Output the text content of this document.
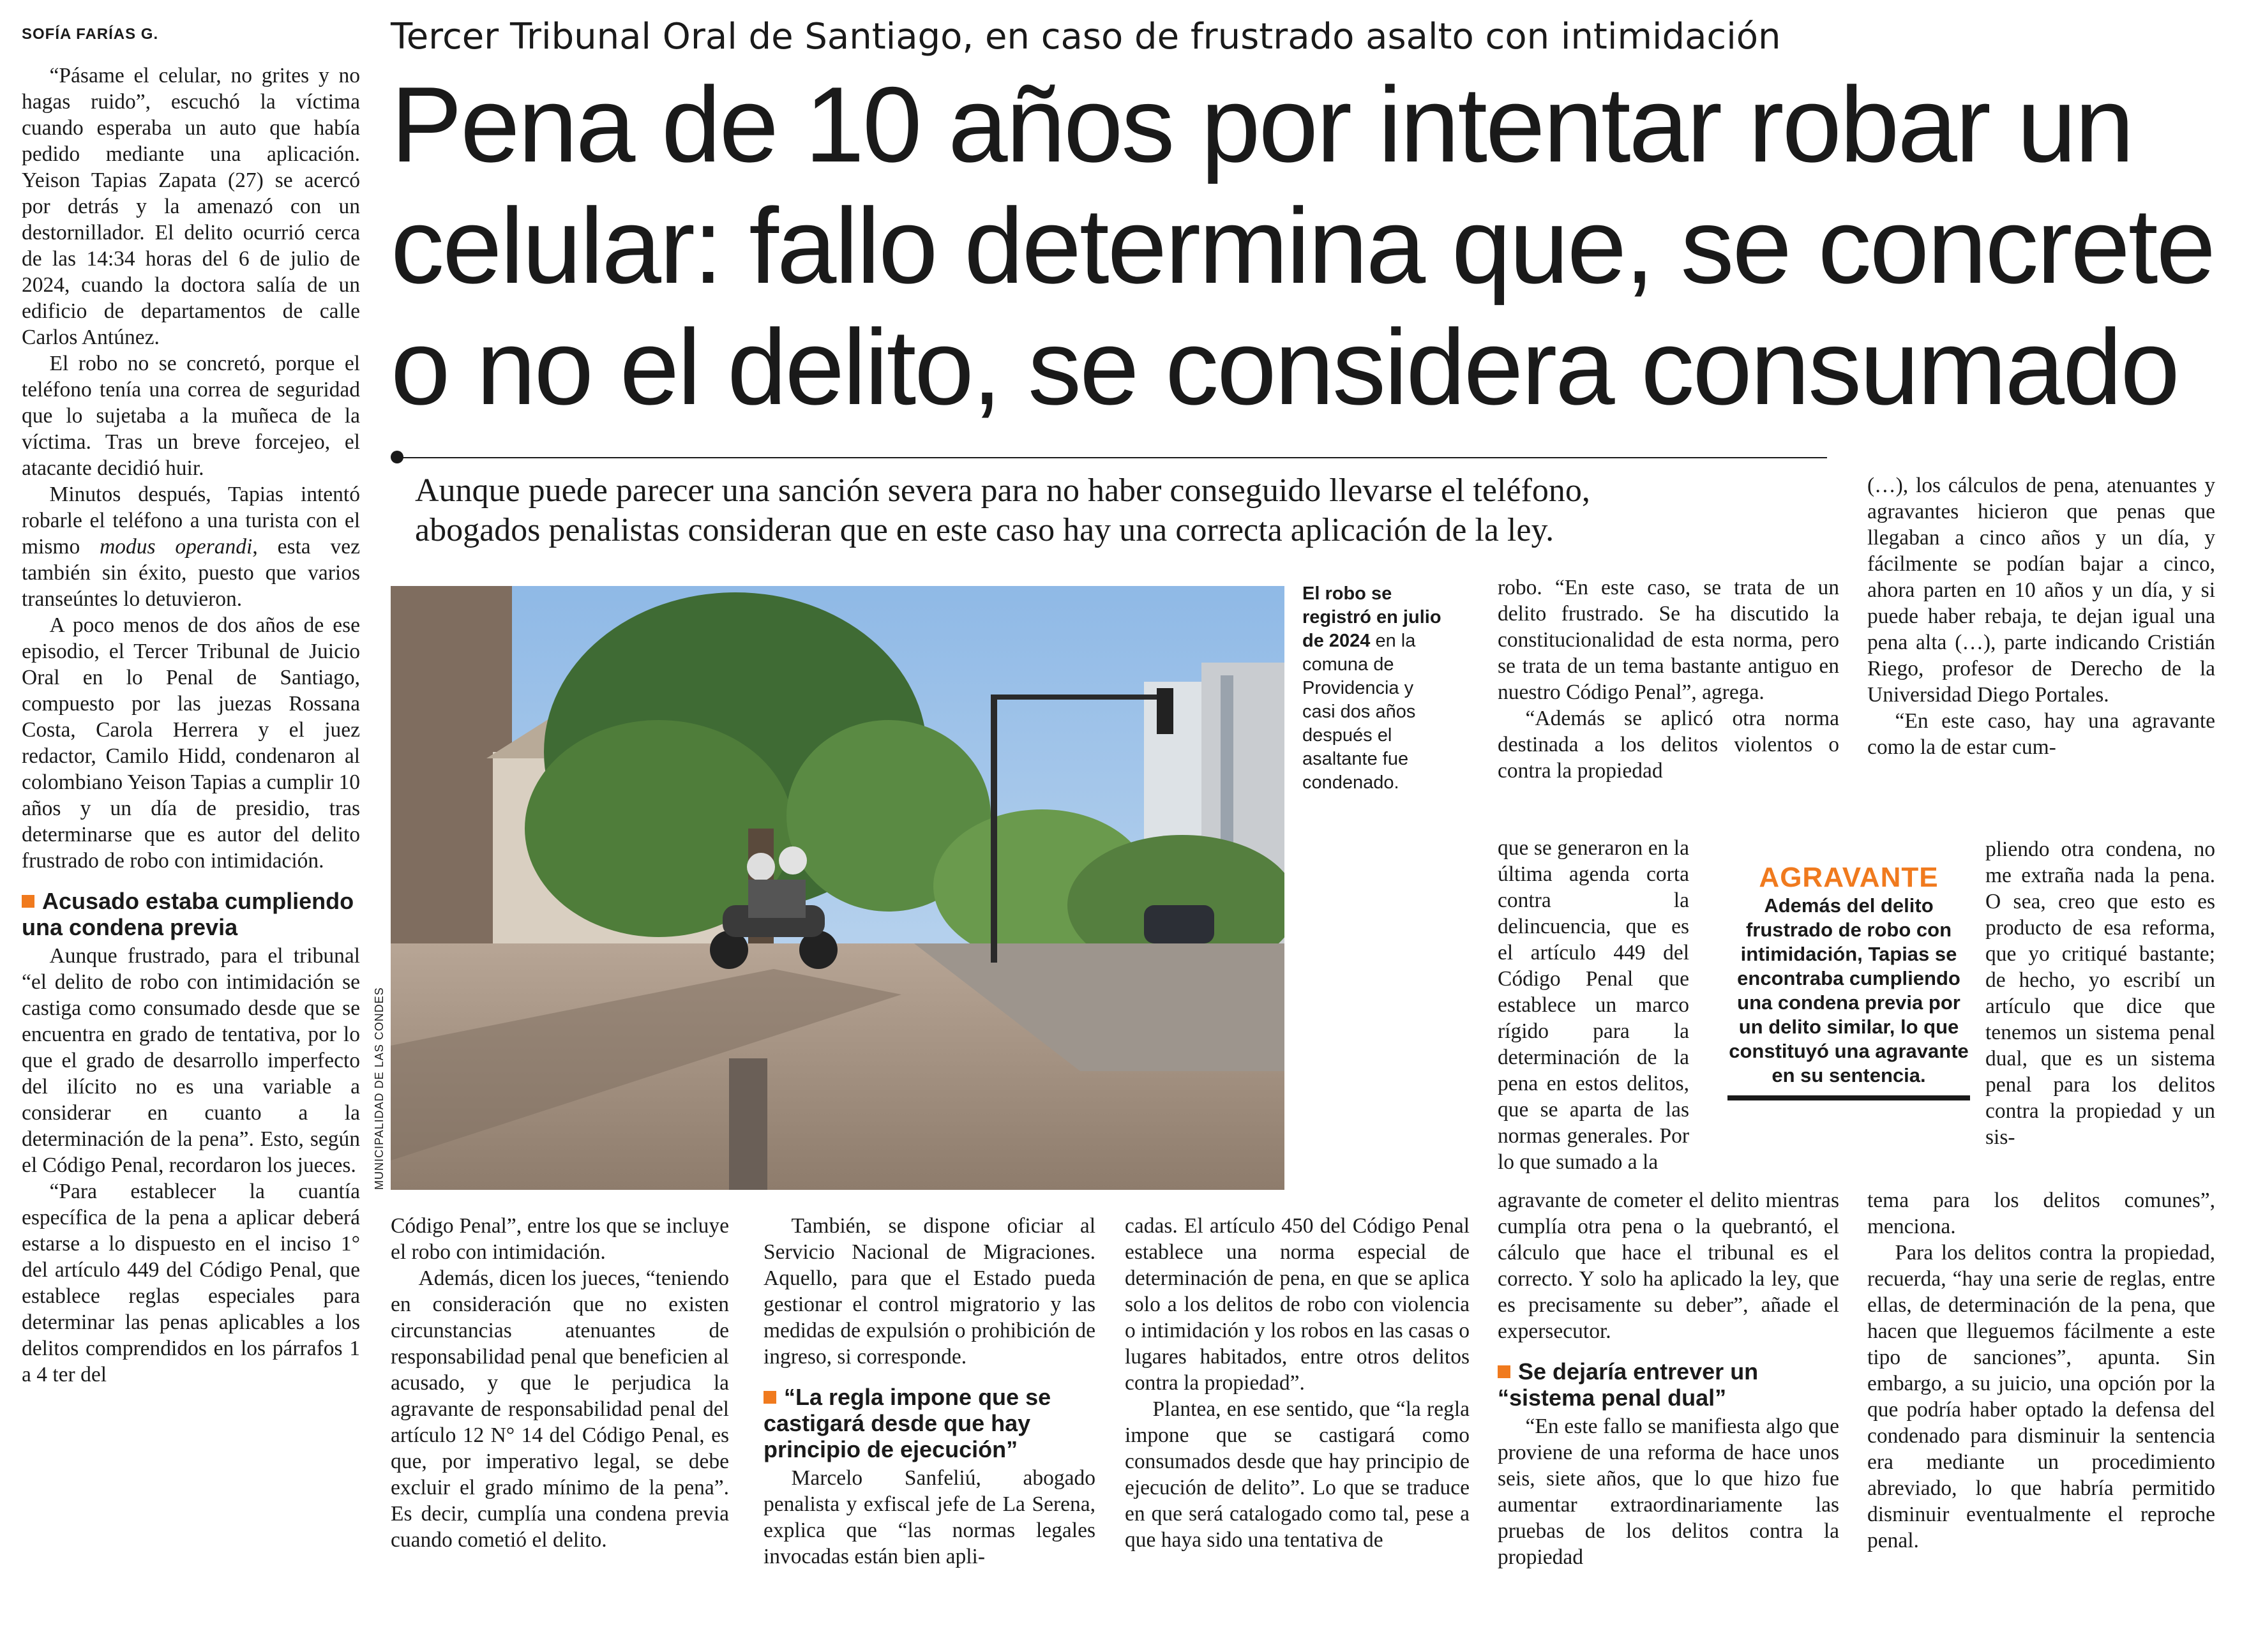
SOFÍA FARÍAS G.	Tercer Tribunal Oral de Santiago, en caso de frustrado asalto con intimidación
Pena de 10 años por intentar robar un
celular: fallo determina que, se concrete
o no el delito, se considera consumado
Aunque puede parecer una sanción severa para no haber conseguido llevarse el teléfono,
abogados penalistas consideran que en este caso hay una correcta aplicación de la ley.
MUNICIPALIDAD DE LAS CONDES
El robo se registró en julio de 2024 en la comuna de Providencia y casi dos años después el asaltante fue condenado.

“Pásame el celular, no grites y no hagas ruido”, escuchó la víctima cuando esperaba un auto que había pedido mediante una aplicación. Yeison Tapias Zapata (27) se acercó por detrás y la amenazó con un destornillador. El delito ocurrió cerca de las 14:34 horas del 6 de julio de 2024, cuando la doctora salía de un edificio de departamentos de calle Carlos Antúnez.

El robo no se concretó, porque el teléfono tenía una correa de seguridad que lo sujetaba a la muñeca de la víctima. Tras un breve forcejeo, el atacante decidió huir.

Minutos después, Tapias intentó robarle el teléfono a una turista con el mismo modus operandi, esta vez también sin éxito, puesto que varios transeúntes lo detuvieron.

A poco menos de dos años de ese episodio, el Tercer Tribunal de Juicio Oral en lo Penal de Santiago, compuesto por las juezas Rossana Costa, Carola Herrera y el juez redactor, Camilo Hidd, condenaron al colombiano Yeison Tapias a cumplir 10 años y un día de presidio, tras determinarse que es autor del delito frustrado de robo con intimidación.

Acusado estaba cumpliendo una condena previa

Aunque frustrado, para el tribunal “el delito de robo con intimidación se castiga como consumado desde que se encuentra en grado de tentativa, por lo que el grado de desarrollo imperfecto del ilícito no es una variable a considerar en cuanto a la determinación de la pena”. Esto, según el Código Penal, recordaron los jueces.

“Para establecer la cuantía específica de la pena a aplicar deberá estarse a lo dispuesto en el inciso 1° del artículo 449 del Código Penal, que establece reglas especiales para determinar las penas aplicables a los delitos comprendidos en los párrafos 1 a 4 ter del

Código Penal”, entre los que se incluye el robo con intimidación.

Además, dicen los jueces, “teniendo en consideración que no existen circunstancias atenuantes de responsabilidad penal que beneficien al acusado, y que le perjudica la agravante de responsabilidad penal del artículo 12 N° 14 del Código Penal, es que, por imperativo legal, se debe excluir el grado mínimo de la pena”. Es decir, cumplía una condena previa cuando cometió el delito.

También, se dispone oficiar al Servicio Nacional de Migraciones. Aquello, para que el Estado pueda gestionar el control migratorio y las medidas de expulsión o prohibición de ingreso, si corresponde.

“La regla impone que se castigará desde que hay principio de ejecución”

Marcelo Sanfeliú, abogado penalista y exfiscal jefe de La Serena, explica que “las normas legales invocadas están bien apli-

cadas. El artículo 450 del Código Penal establece una norma especial de determinación de pena, en que se aplica solo a los delitos de robo con violencia o intimidación y los robos en las casas o lugares habitados, entre otros delitos contra la propiedad”.

Plantea, en ese sentido, que “la regla impone que se castigará como consumados desde que hay principio de ejecución de delito”. Lo que se traduce en que será catalogado como tal, pese a que haya sido una tentativa de

robo. “En este caso, se trata de un delito frustrado. Se ha discutido la constitucionalidad de esta norma, pero se trata de un tema bastante antiguo en nuestro Código Penal”, agrega.

“Además se aplicó otra norma destinada a los delitos violentos o contra la propiedad

que se generaron en la última agenda corta contra la delincuencia, que es el artículo 449 del Código Penal que establece un marco rígido para la determinación de la pena en estos delitos, que se aparta de las normas generales. Por lo que sumado a la

agravante de cometer el delito mientras cumplía otra pena o la quebrantó, el cálculo que hace el tribunal es el correcto. Y solo ha aplicado la ley, que es precisamente su deber”, añade el expersecutor.

Se dejaría entrever un “sistema penal dual”

“En este fallo se manifiesta algo que proviene de una reforma de hace unos seis, siete años, que lo que hizo fue aumentar extraordinariamente las pruebas de los delitos contra la propiedad

AGRAVANTE
Además del delito frustrado de robo con intimidación, Tapias se encontraba cumpliendo una condena previa por un delito similar, lo que constituyó una agravante en su sentencia.

(…), los cálculos de pena, atenuantes y agravantes hicieron que penas que llegaban a cinco años y un día, y fácilmente se podían bajar a cinco, ahora parten en 10 años y un día, y si puede haber rebaja, te dejan igual una pena alta (…), parte indicando Cristián Riego, profesor de Derecho de la Universidad Diego Portales.

“En este caso, hay una agravante como la de estar cum-

pliendo otra condena, no me extraña nada la pena. O sea, creo que esto es producto de esa reforma, que yo critiqué bastante; de hecho, yo escribí un artículo que dice que tenemos un sistema penal dual, que es un sistema penal para los delitos contra la propiedad y un sis-

tema para los delitos comunes”, menciona.

Para los delitos contra la propiedad, recuerda, “hay una serie de reglas, entre ellas, de determinación de la pena, que hacen que lleguemos fácilmente a este tipo de sanciones”, apunta. Sin embargo, a su juicio, una opción por la que podría haber optado la defensa del condenado para disminuir la sentencia era mediante un procedimiento abreviado, lo que habría permitido disminuir eventualmente el reproche penal.
